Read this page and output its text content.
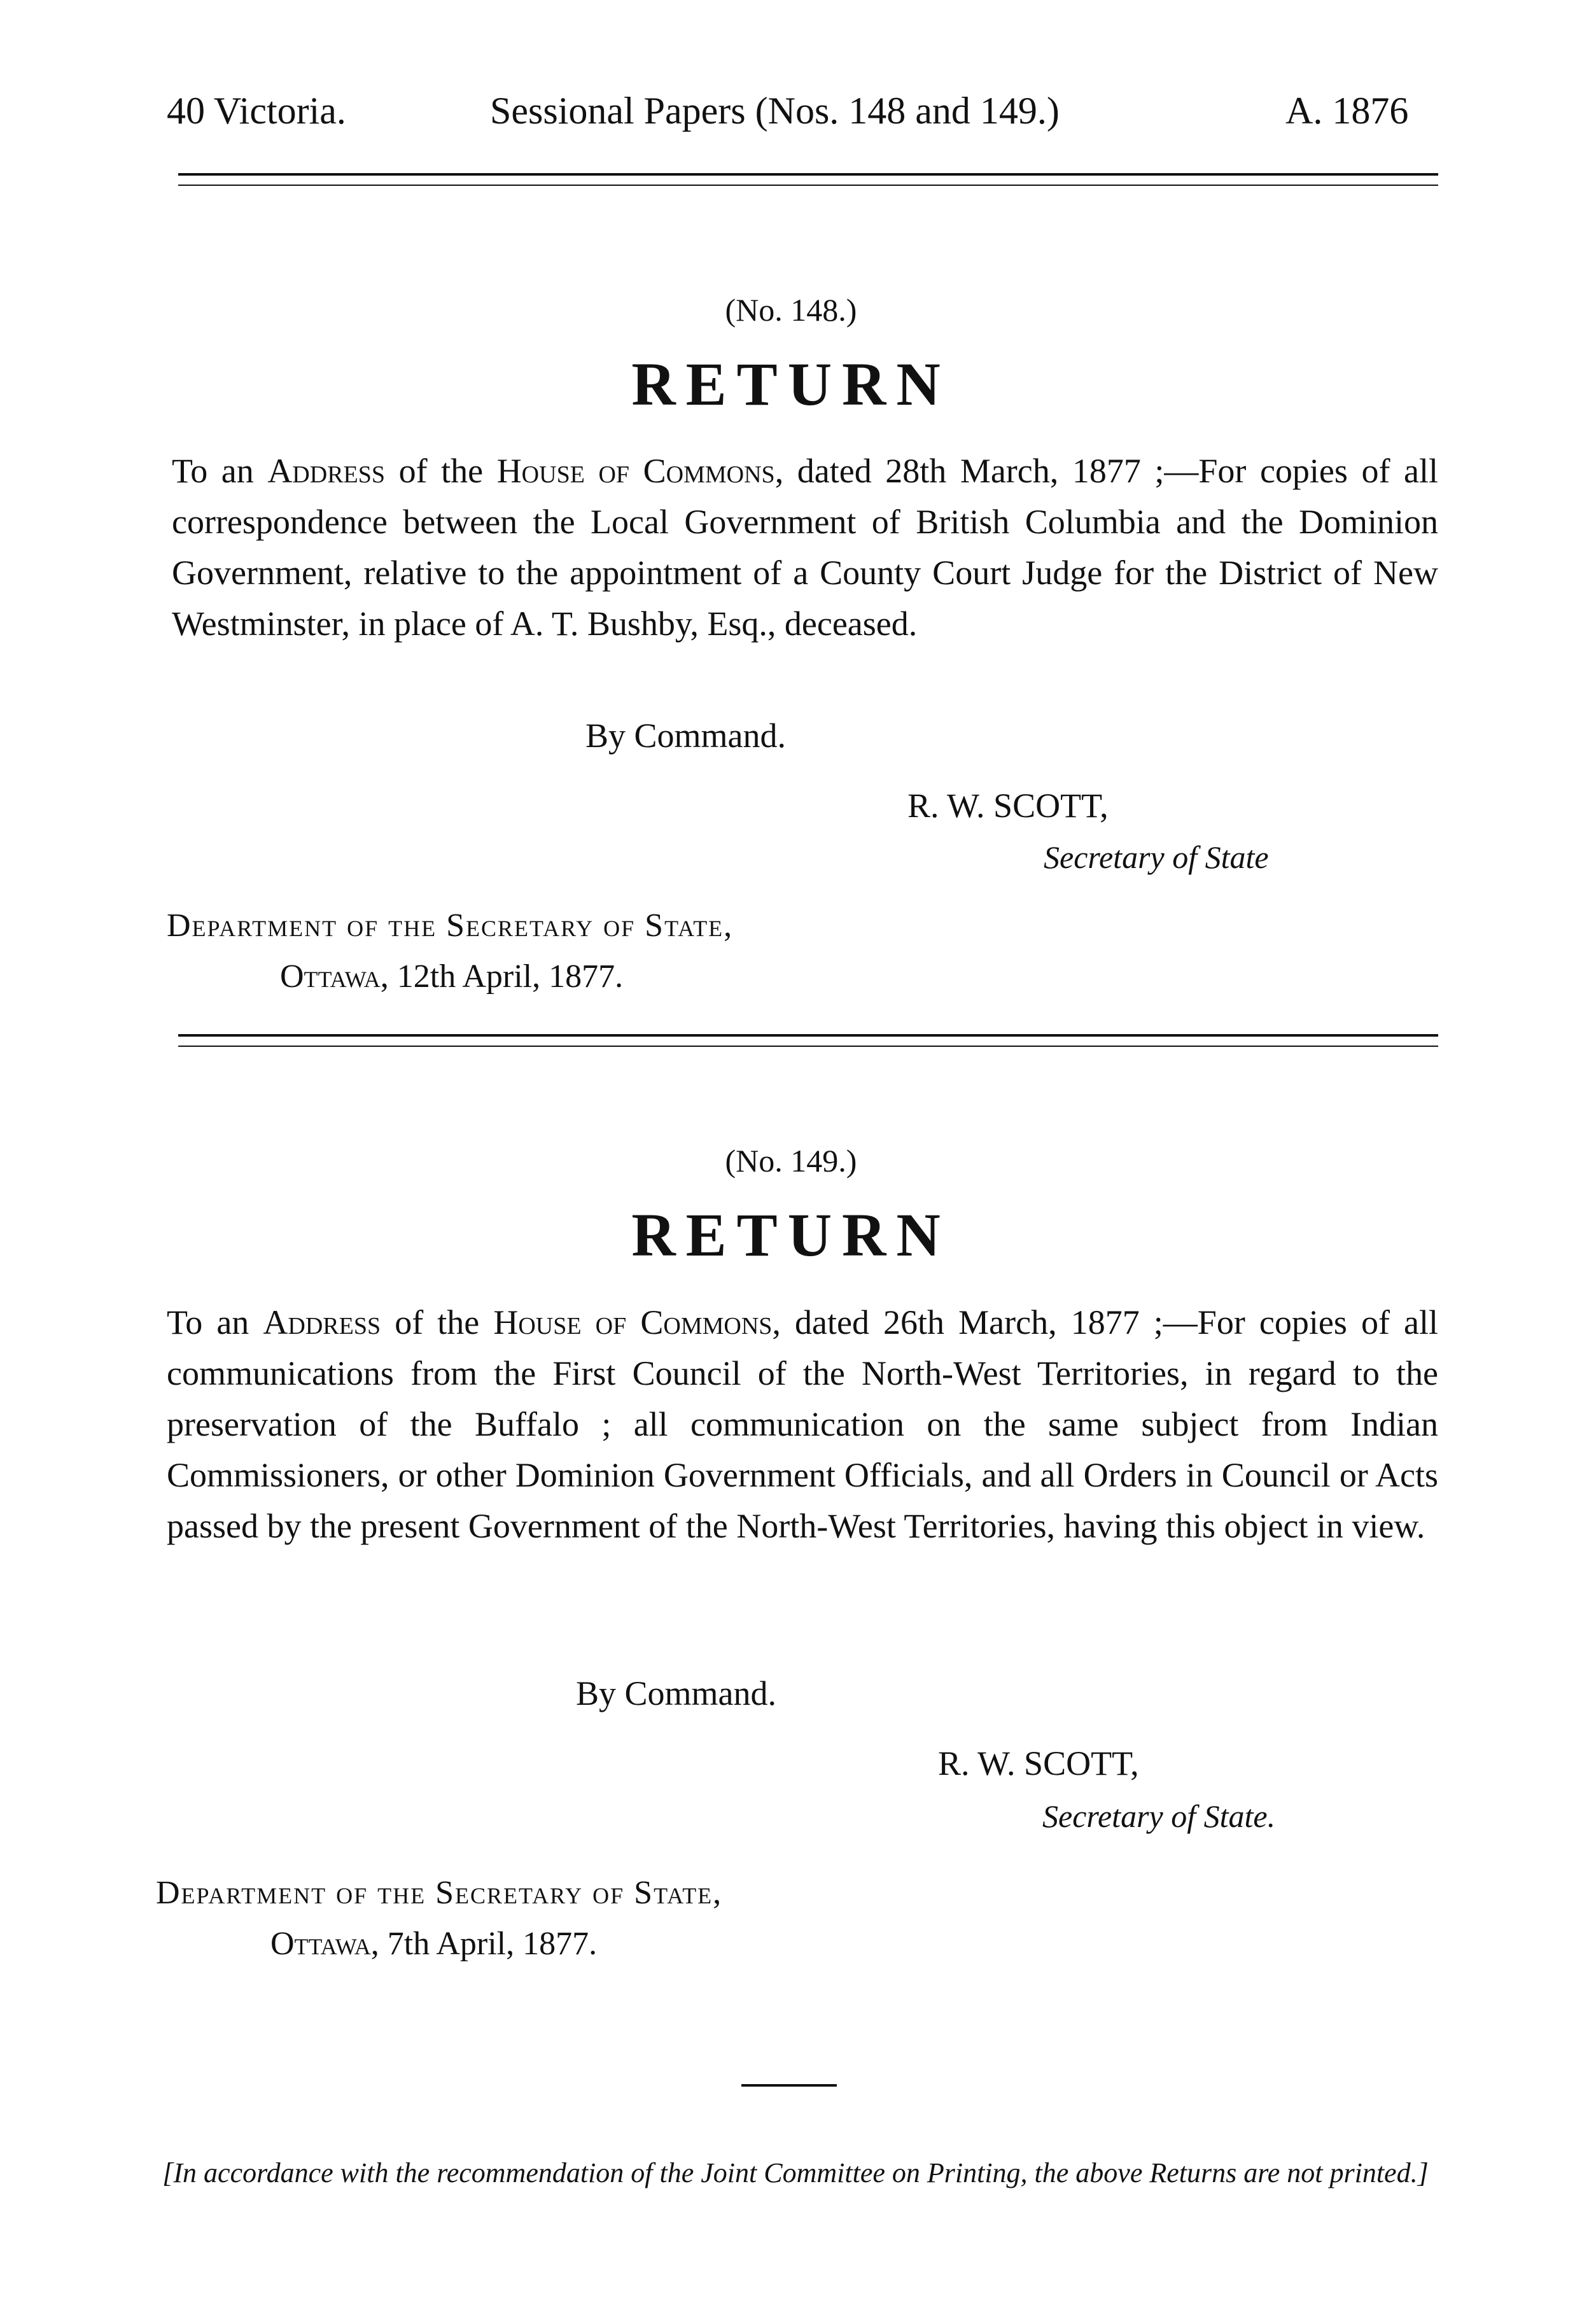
40 Victoria.	Sessional Papers (Nos. 148 and 149.)	A. 1876
(No. 148.)
RETURN
To an Address of the House of Commons, dated 28th March, 1877 ;—For copies of all correspondence between the Local Government of British Columbia and the Dominion Government, relative to the appointment of a County Court Judge for the District of New Westminster, in place of A. T. Bushby, Esq., deceased.
By Command.
R. W. SCOTT,
Secretary of State
Department of the Secretary of State,
Ottawa, 12th April, 1877.
(No. 149.)
RETURN
To an Address of the House of Commons, dated 26th March, 1877 ;—For copies of all communications from the First Council of the North-West Territories, in regard to the preservation of the Buffalo ; all communication on the same subject from Indian Commissioners, or other Dominion Government Officials, and all Orders in Council or Acts passed by the present Government of the North-West Territories, having this object in view.
By Command.
R. W. SCOTT,
Secretary of State.
Department of the Secretary of State,
Ottawa, 7th April, 1877.
[In accordance with the recommendation of the Joint Committee on Printing, the above Returns are not printed.]
